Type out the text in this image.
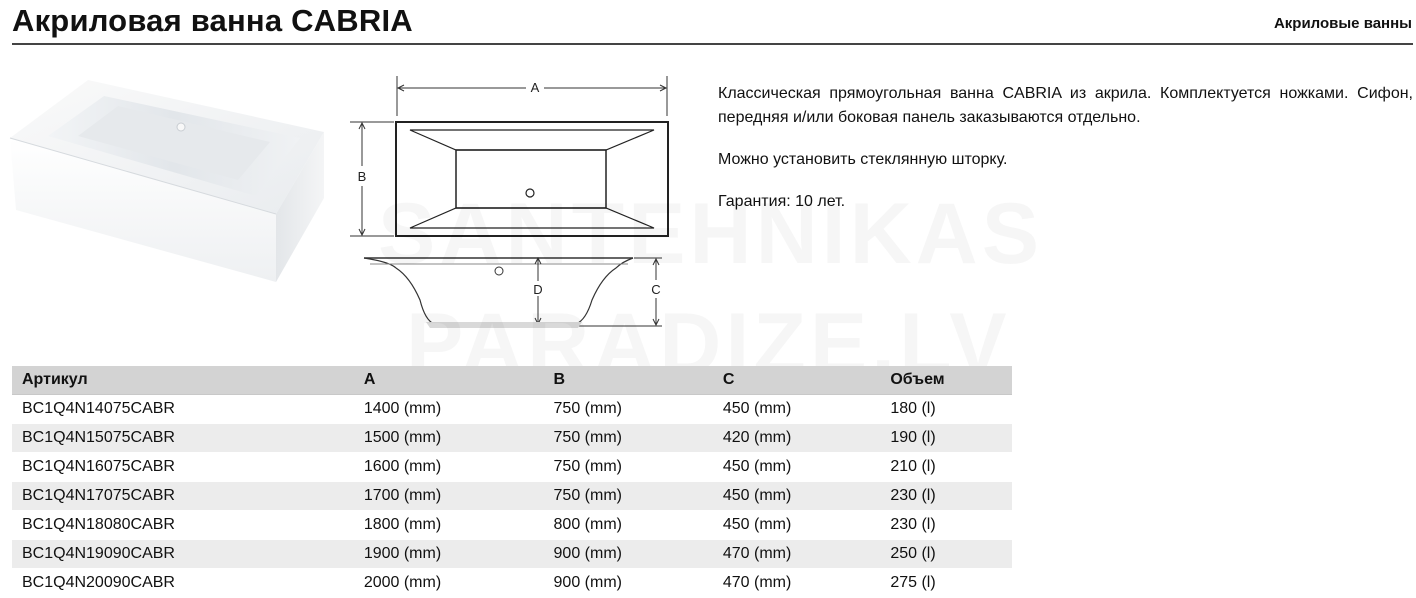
Акриловая ванна CABRIA	Акриловые ванны
A
B
D	C

Классическая прямоугольная ванна CABRIA из акрила. Комплектуется ножками. Сифон, передняя и/или боковая панель заказываются отдельно.

Можно установить стеклянную шторку.

Гарантия: 10 лет.

Артикул	A	B	C	Объем
BC1Q4N14075CABR	1400 (mm)	750 (mm)	450 (mm)	180 (l)
BC1Q4N15075CABR	1500 (mm)	750 (mm)	420 (mm)	190 (l)
BC1Q4N16075CABR	1600 (mm)	750 (mm)	450 (mm)	210 (l)
BC1Q4N17075CABR	1700 (mm)	750 (mm)	450 (mm)	230 (l)
BC1Q4N18080CABR	1800 (mm)	800 (mm)	450 (mm)	230 (l)
BC1Q4N19090CABR	1900 (mm)	900 (mm)	470 (mm)	250 (l)
BC1Q4N20090CABR	2000 (mm)	900 (mm)	470 (mm)	275 (l)
